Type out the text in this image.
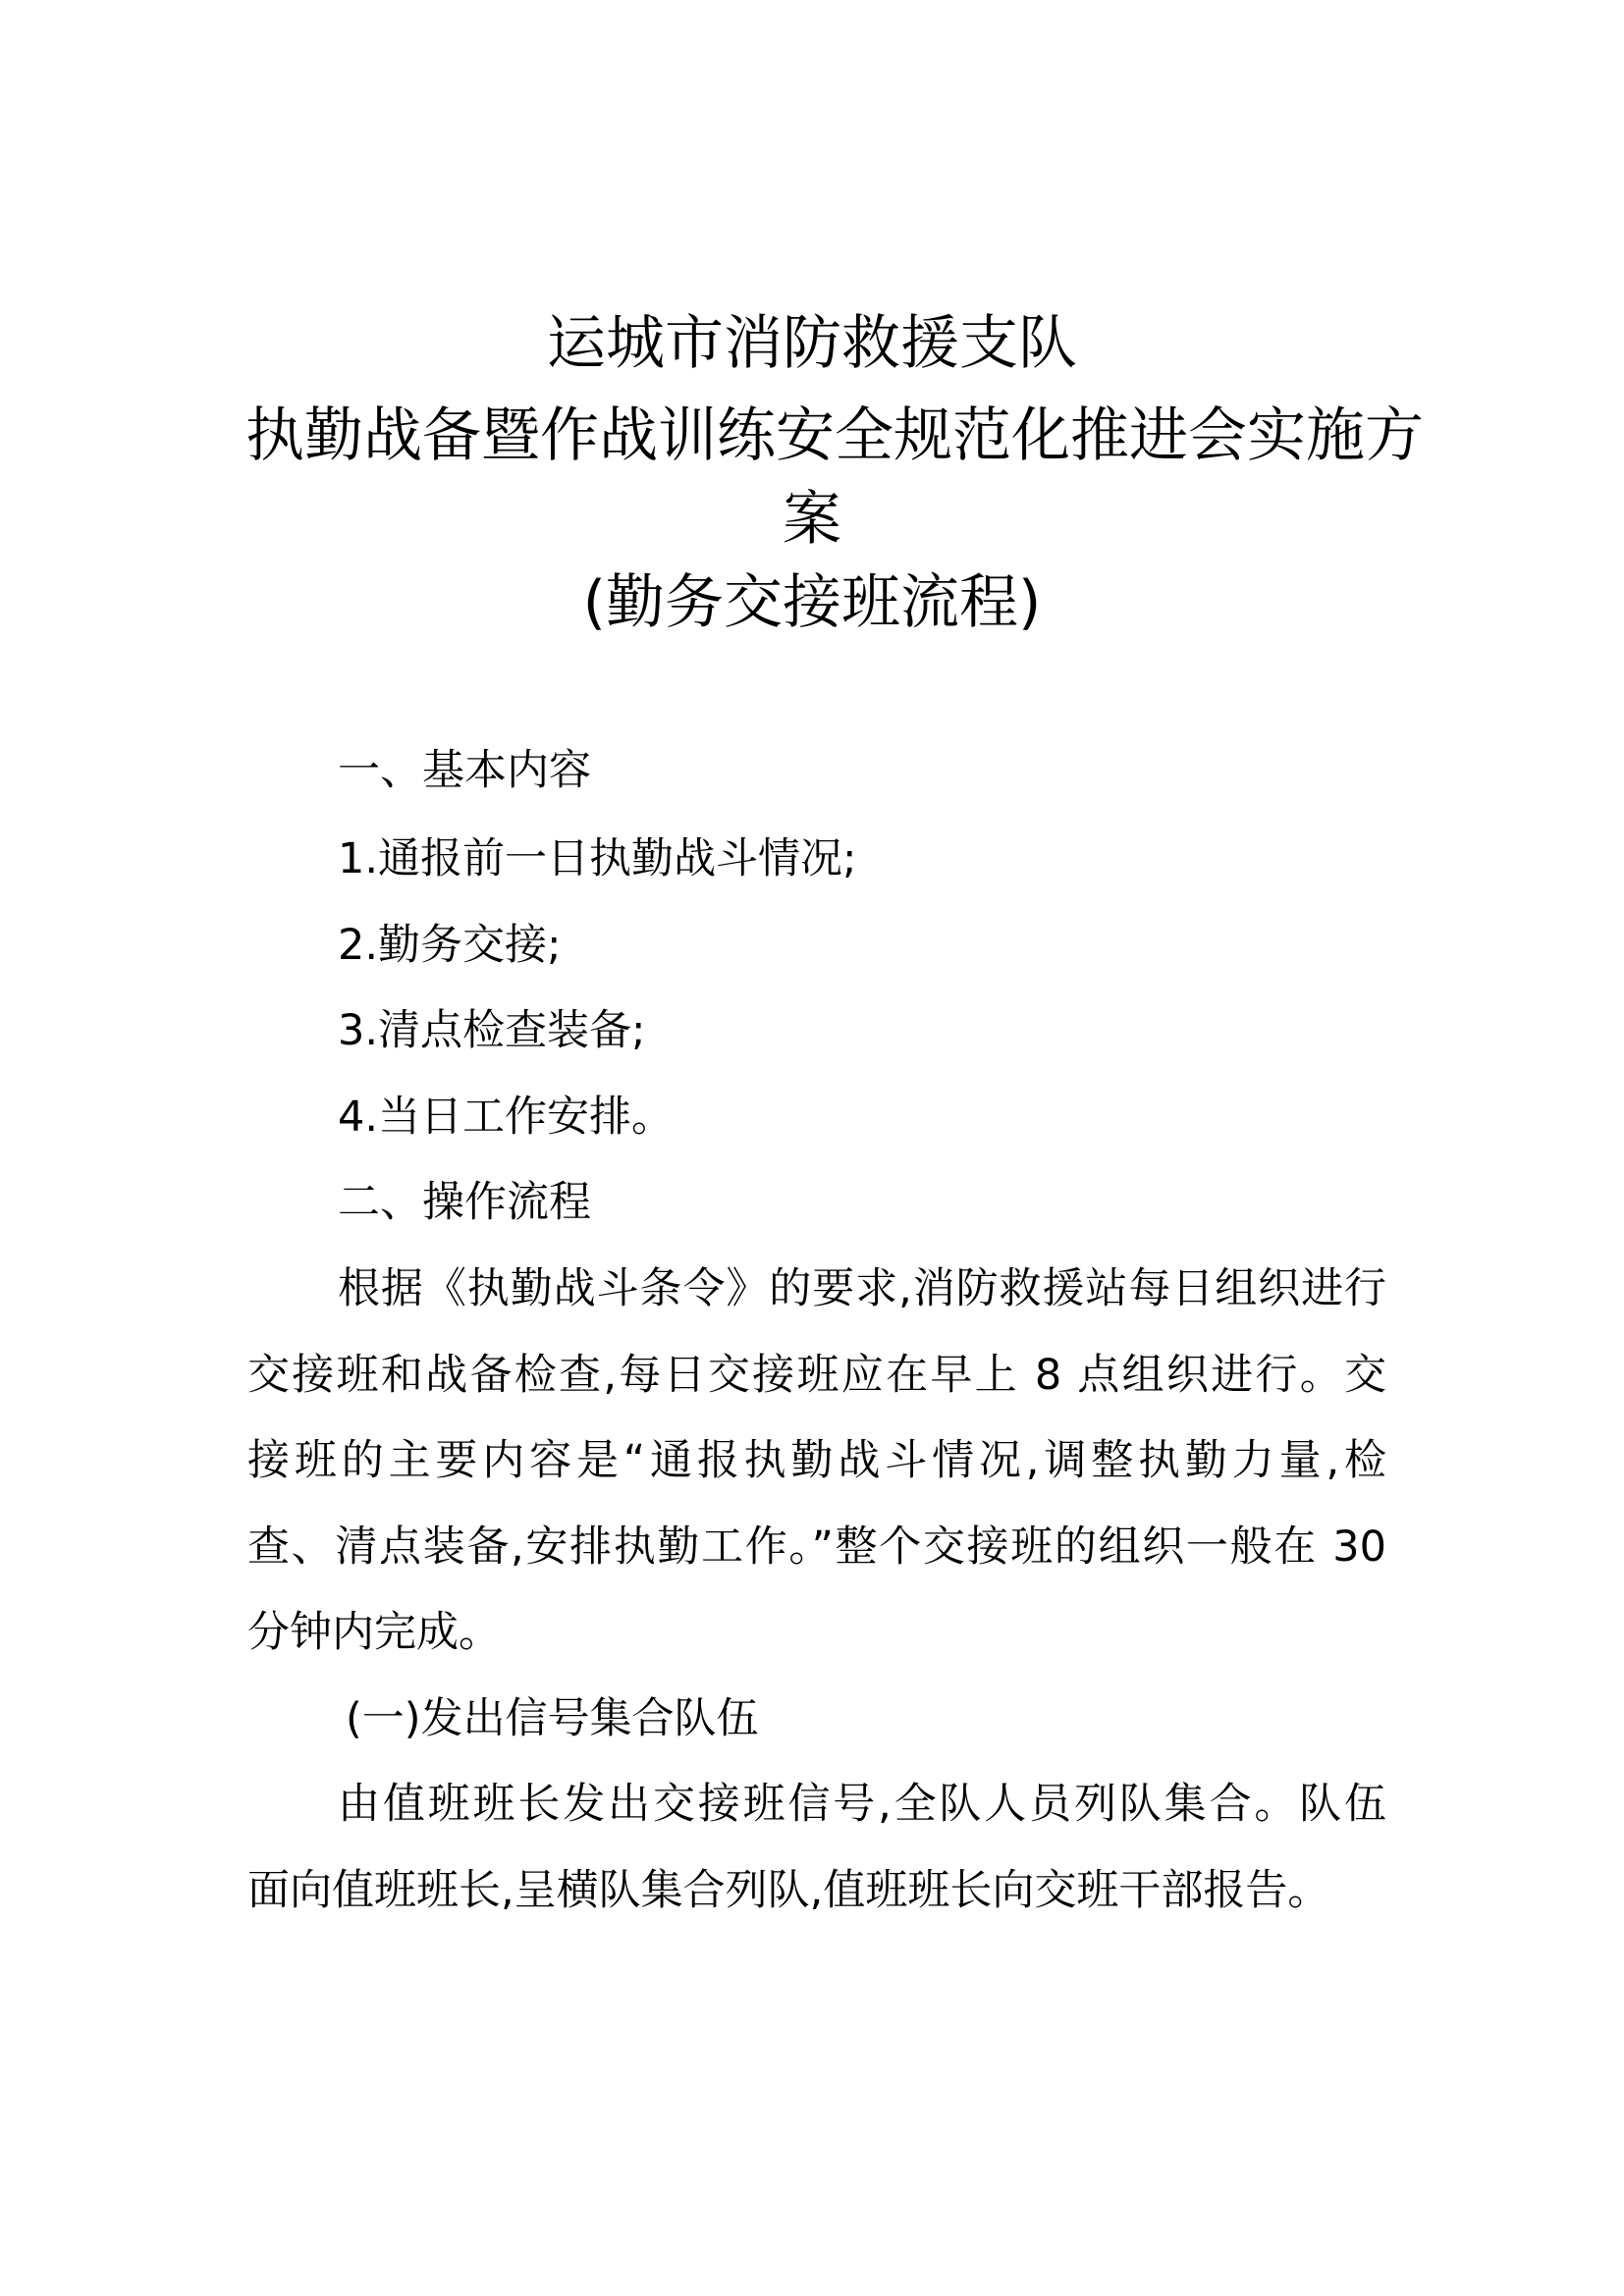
运城市消防救援支队
执勤战备暨作战训练安全规范化推进会实施方
案
(勤务交接班流程)
一、基本内容
1.通报前一日执勤战斗情况;
2.勤务交接;
3.清点检查装备;
4.当日工作安排。
二、操作流程
根据《执勤战斗条令》的要求,消防救援站每日组织进行
交接班和战备检查,每日交接班应在早上 8 点组织进行。交
接班的主要内容是“通报执勤战斗情况,调整执勤力量,检
查、清点装备,安排执勤工作。”整个交接班的组织一般在 30
分钟内完成。
(一)发出信号集合队伍
由值班班长发出交接班信号,全队人员列队集合。队伍
面向值班班长,呈横队集合列队,值班班长向交班干部报告。
